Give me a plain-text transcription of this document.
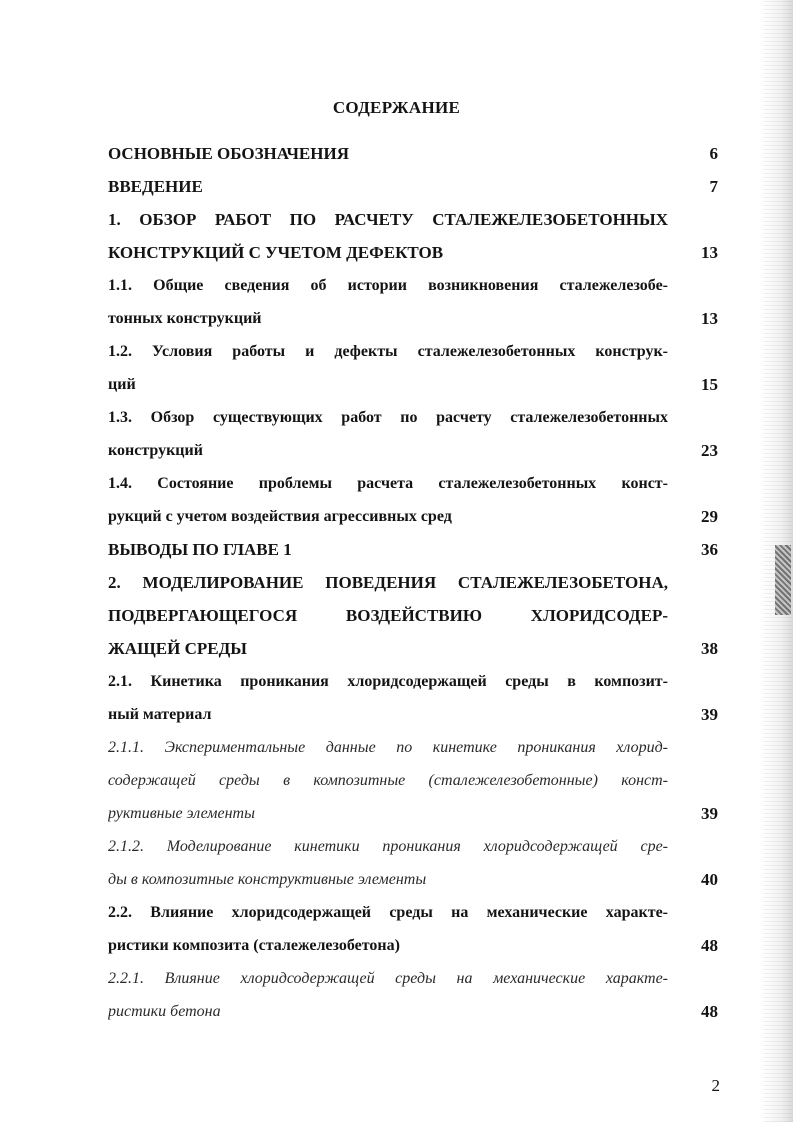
СОДЕРЖАНИЕ
ОСНОВНЫЕ ОБОЗНАЧЕНИЯ	6
ВВЕДЕНИЕ	7
1. ОБЗОР РАБОТ ПО РАСЧЕТУ СТАЛЕЖЕЛЕЗОБЕТОННЫХ
КОНСТРУКЦИЙ С УЧЕТОМ ДЕФЕКТОВ	13
1.1. Общие сведения об истории возникновения сталежелезобе-
тонных конструкций	13
1.2. Условия работы и дефекты сталежелезобетонных конструк-
ций	15
1.3. Обзор существующих работ по расчету сталежелезобетонных
конструкций	23
1.4. Состояние проблемы расчета сталежелезобетонных конст-
рукций с учетом воздействия агрессивных сред	29
ВЫВОДЫ ПО ГЛАВЕ 1	36
2. МОДЕЛИРОВАНИЕ ПОВЕДЕНИЯ СТАЛЕЖЕЛЕЗОБЕТОНА,
ПОДВЕРГАЮЩЕГОСЯ ВОЗДЕЙСТВИЮ ХЛОРИДСОДЕР-
ЖАЩЕЙ СРЕДЫ	38
2.1. Кинетика проникания хлоридсодержащей среды в композит-
ный материал	39
2.1.1. Экспериментальные данные по кинетике проникания хлорид-
содержащей среды в композитные (сталежелезобетонные) конст-
руктивные элементы	39
2.1.2. Моделирование кинетики проникания хлоридсодержащей сре-
ды в композитные конструктивные элементы	40
2.2. Влияние хлоридсодержащей среды на механические характе-
ристики композита (сталежелезобетона)	48
2.2.1. Влияние хлоридсодержащей среды на механические характе-
ристики бетона	48
2
